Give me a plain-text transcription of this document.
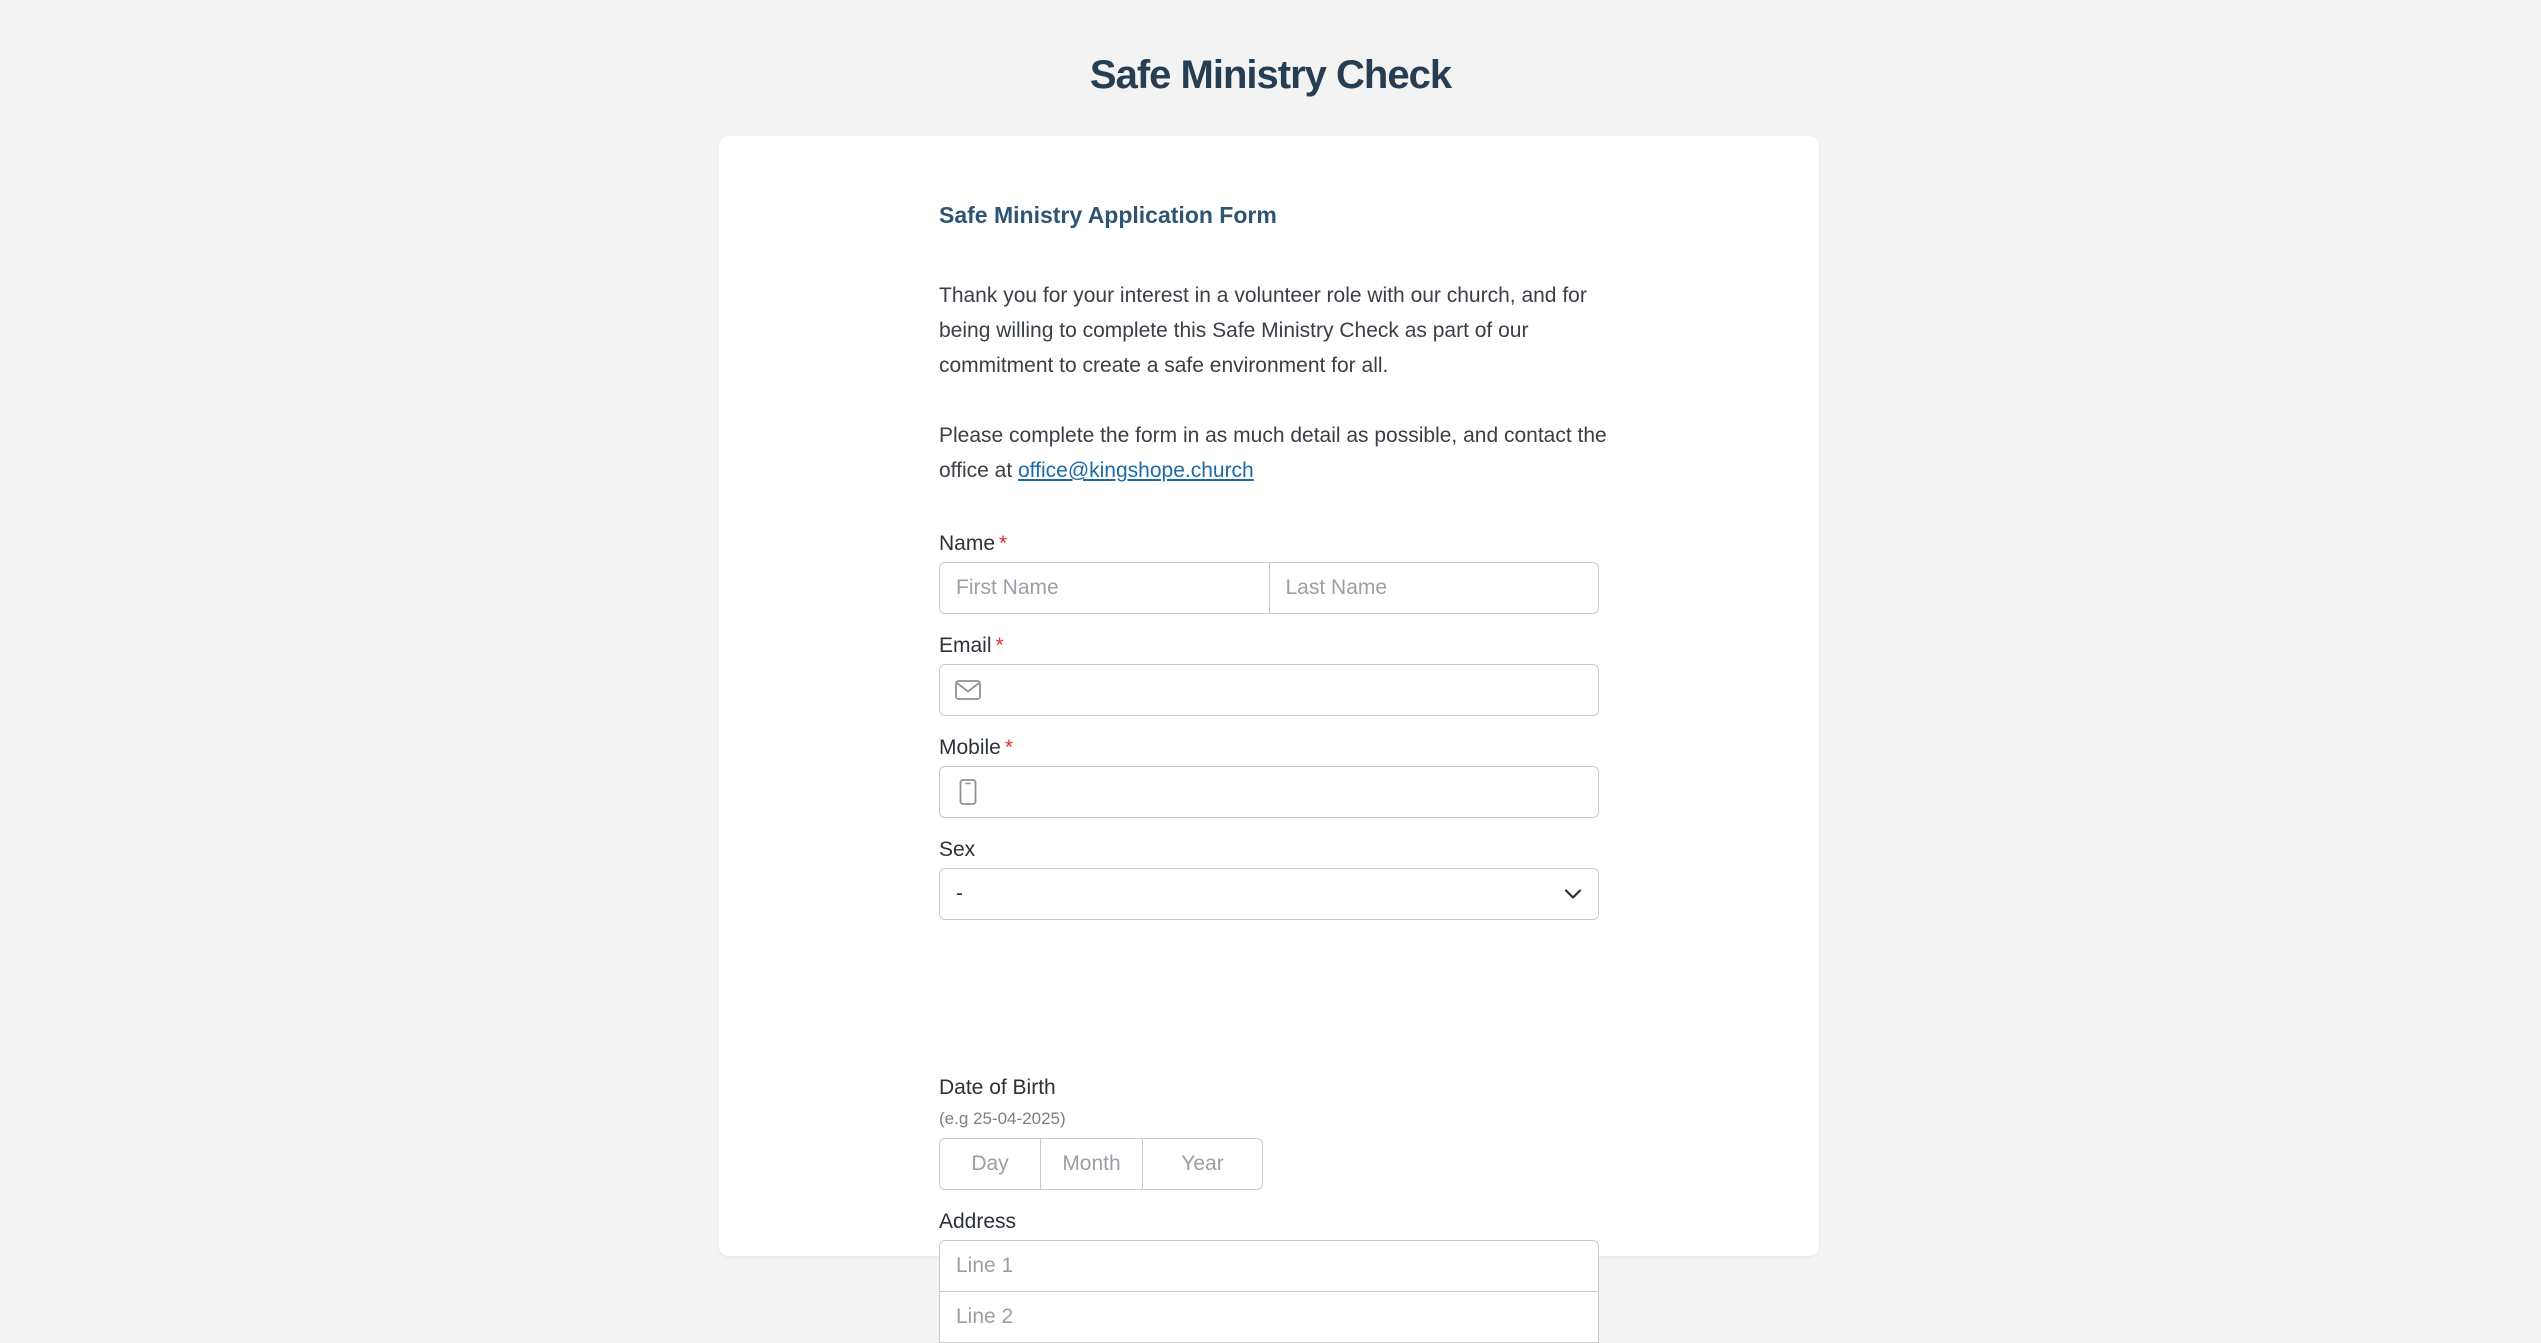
Safe Ministry Check
Safe Ministry Application Form

Thank you for your interest in a volunteer role with our church, and for being willing to complete this Safe Ministry Check as part of our commitment to create a safe environment for all.

Please complete the form in as much detail as possible, and contact the office at office@kingshope.church

Name *
First Name
Last Name
Email *
Mobile *
Sex
-
Date of Birth
(e.g 25-04-2025)
Day
Month
Year
Address
Line 1
Line 2
